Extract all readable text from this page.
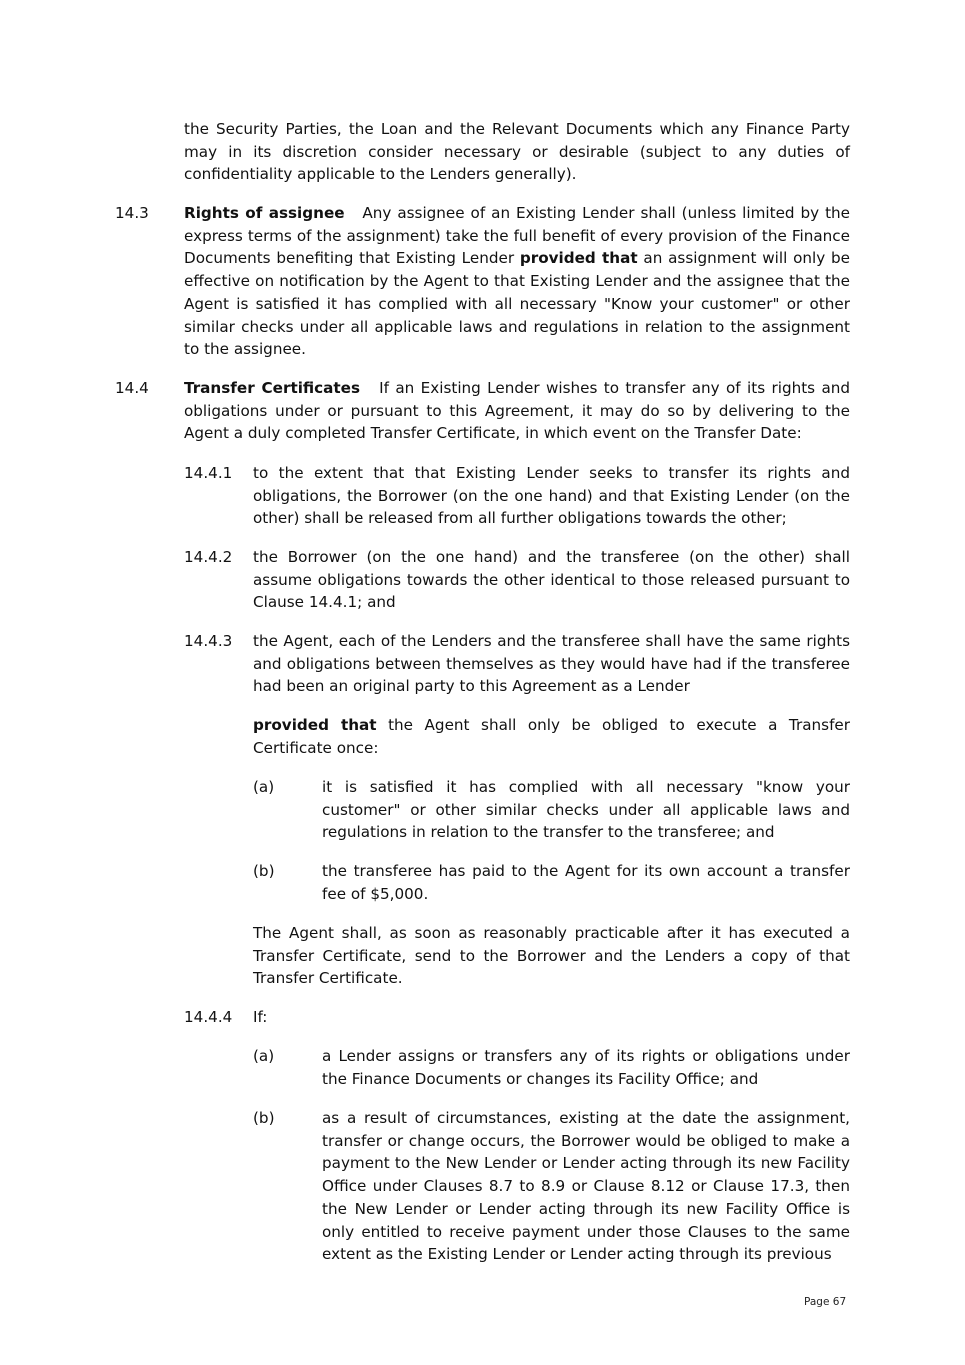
the Security Parties, the Loan and the Relevant Documents which any Finance Party may in its discretion consider necessary or desirable (subject to any duties of confidentiality applicable to the Lenders generally).

14.3 Rights of assignee Any assignee of an Existing Lender shall (unless limited by the express terms of the assignment) take the full benefit of every provision of the Finance Documents benefiting that Existing Lender provided that an assignment will only be effective on notification by the Agent to that Existing Lender and the assignee that the Agent is satisfied it has complied with all necessary "Know your customer" or other similar checks under all applicable laws and regulations in relation to the assignment to the assignee.

14.4 Transfer Certificates If an Existing Lender wishes to transfer any of its rights and obligations under or pursuant to this Agreement, it may do so by delivering to the Agent a duly completed Transfer Certificate, in which event on the Transfer Date:

14.4.1 to the extent that that Existing Lender seeks to transfer its rights and obligations, the Borrower (on the one hand) and that Existing Lender (on the other) shall be released from all further obligations towards the other;

14.4.2 the Borrower (on the one hand) and the transferee (on the other) shall assume obligations towards the other identical to those released pursuant to Clause 14.4.1; and

14.4.3 the Agent, each of the Lenders and the transferee shall have the same rights and obligations between themselves as they would have had if the transferee had been an original party to this Agreement as a Lender

provided that the Agent shall only be obliged to execute a Transfer Certificate once:

(a)	it is satisfied it has complied with all necessary "know your customer" or other similar checks under all applicable laws and regulations in relation to the transfer to the transferee; and

(b)	the transferee has paid to the Agent for its own account a transfer fee of $5,000.

The Agent shall, as soon as reasonably practicable after it has executed a Transfer Certificate, send to the Borrower and the Lenders a copy of that Transfer Certificate.

14.4.4 If:

(a)	a Lender assigns or transfers any of its rights or obligations under the Finance Documents or changes its Facility Office; and

(b)	as a result of circumstances, existing at the date the assignment, transfer or change occurs, the Borrower would be obliged to make a payment to the New Lender or Lender acting through its new Facility Office under Clauses 8.7 to 8.9 or Clause 8.12 or Clause 17.3, then the New Lender or Lender acting through its new Facility Office is only entitled to receive payment under those Clauses to the same extent as the Existing Lender or Lender acting through its previous

Page 67
